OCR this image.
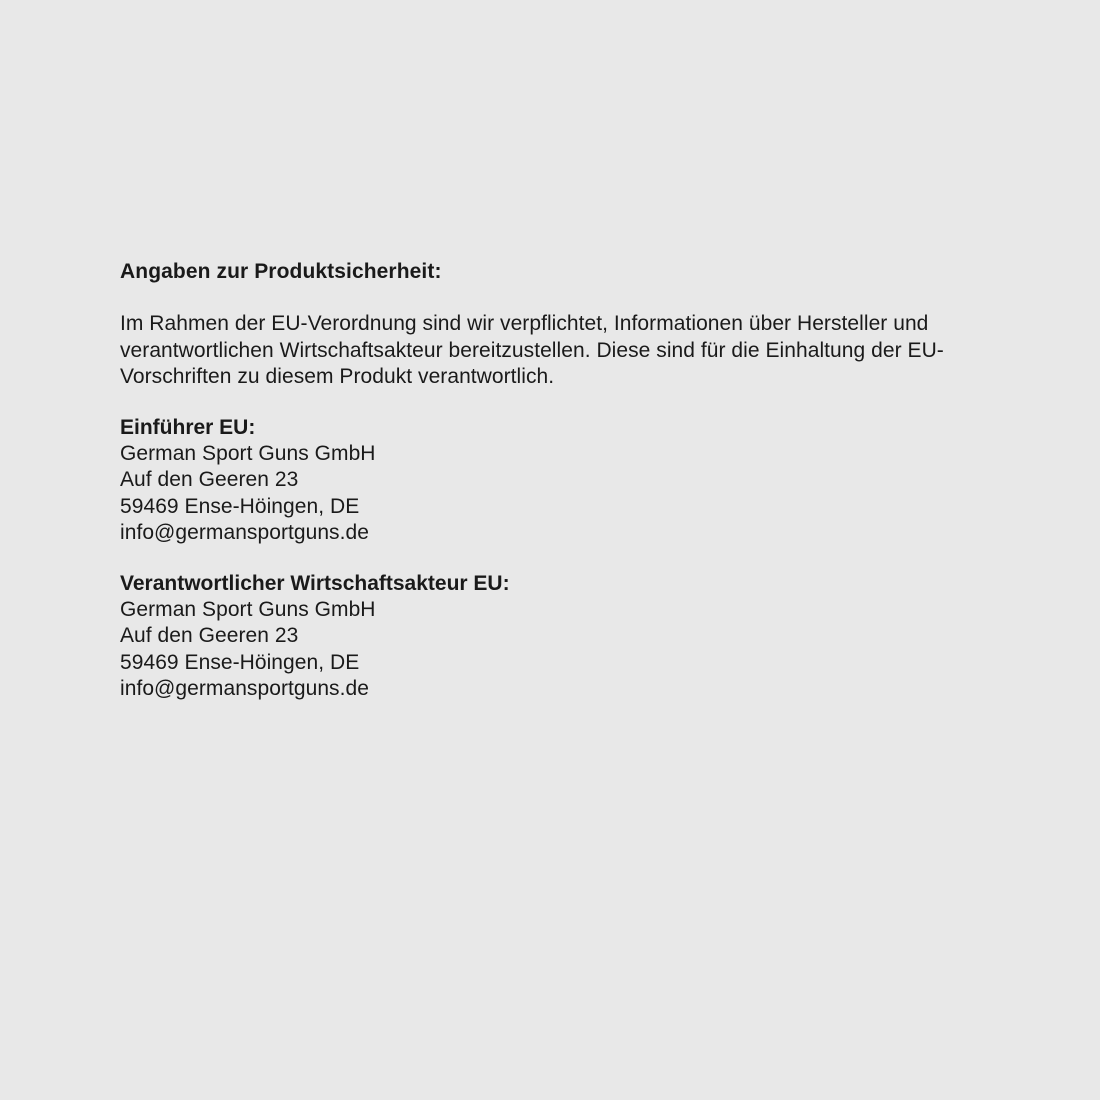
Angaben zur Produktsicherheit:

Im Rahmen der EU-Verordnung sind wir verpflichtet, Informationen über Hersteller und verantwortlichen Wirtschaftsakteur bereitzustellen. Diese sind für die Einhaltung der EU-Vorschriften zu diesem Produkt verantwortlich.

Einführer EU:

German Sport Guns GmbH

Auf den Geeren 23

59469 Ense-Höingen, DE

info@germansportguns.de

Verantwortlicher Wirtschaftsakteur EU:

German Sport Guns GmbH

Auf den Geeren 23

59469 Ense-Höingen, DE

info@germansportguns.de
